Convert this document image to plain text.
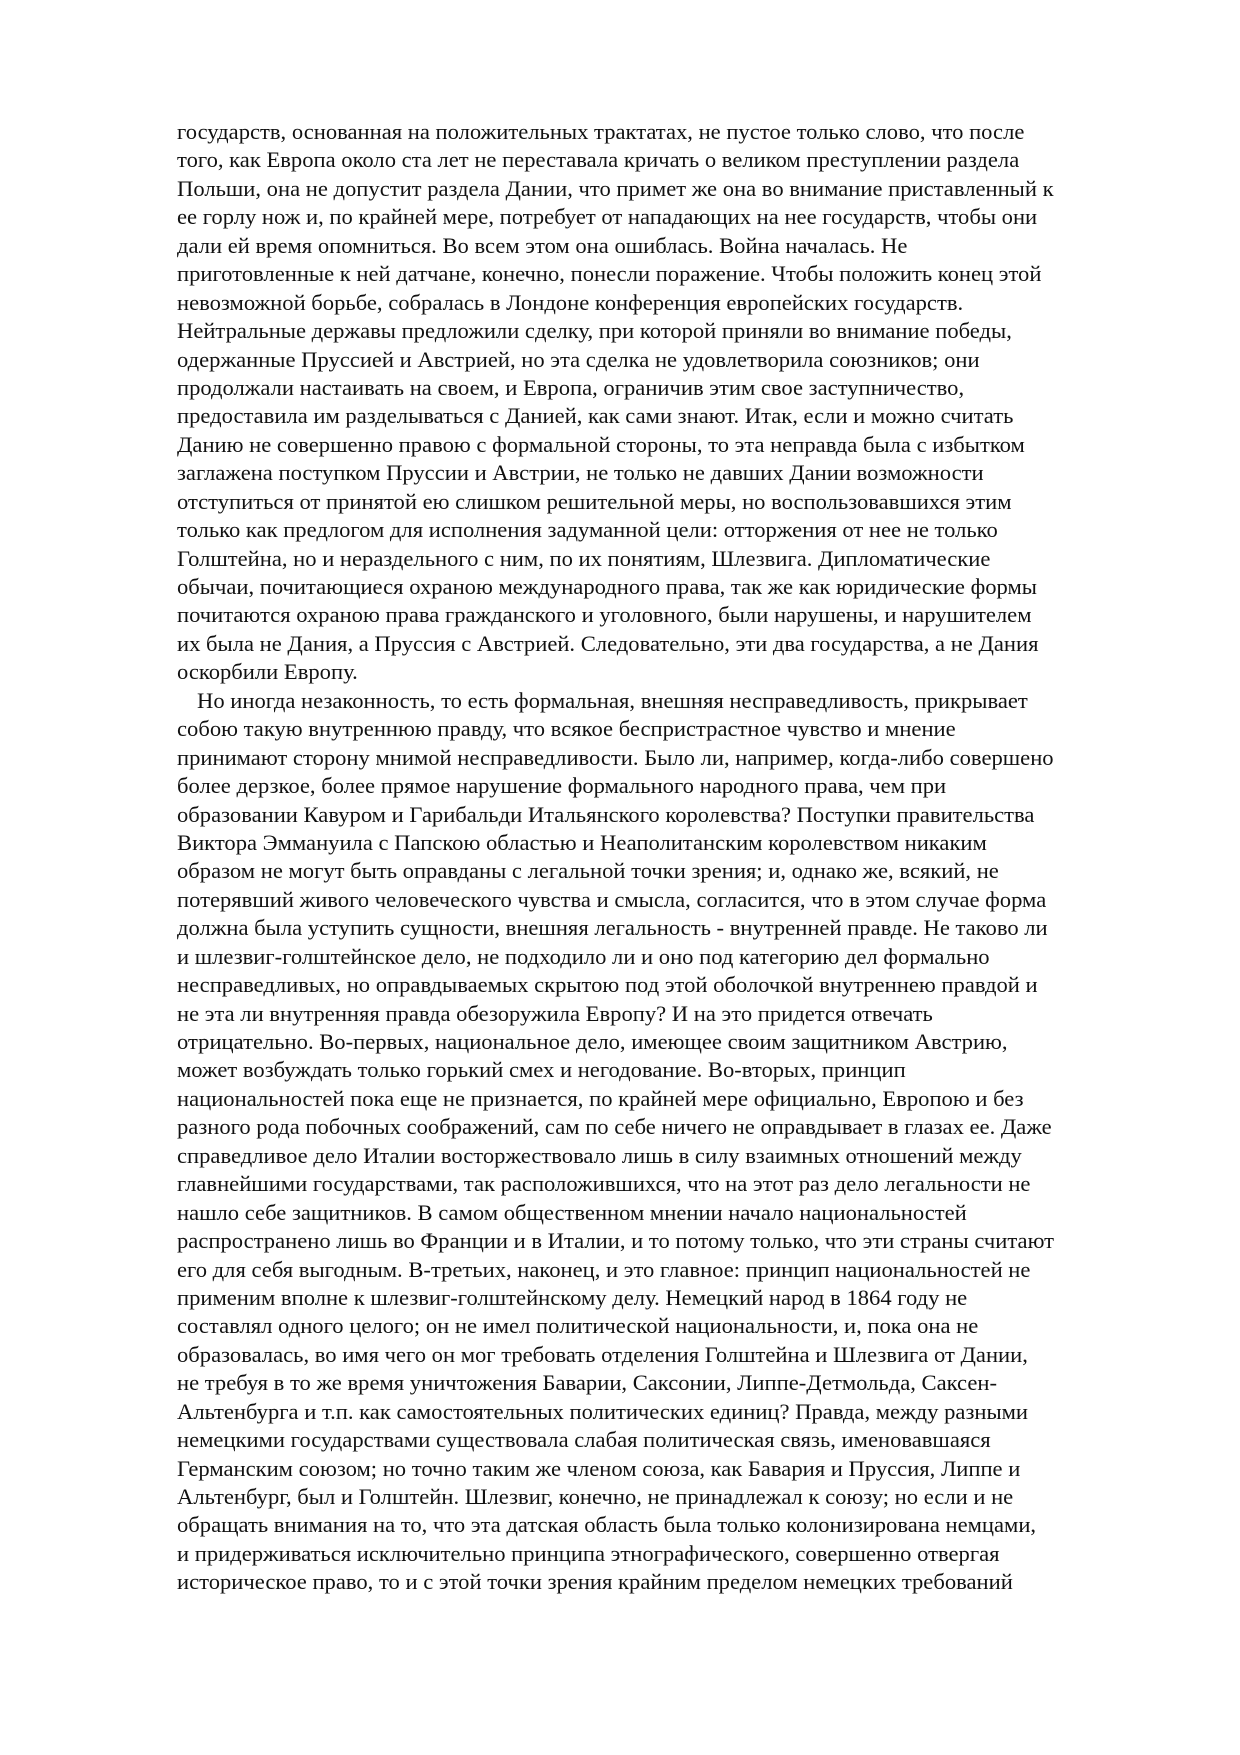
государств, основанная на положительных трактатах, не пустое только слово, что после
того, как Европа около ста лет не переставала кричать о великом преступлении раздела
Польши, она не допустит раздела Дании, что примет же она во внимание приставленный к
ее горлу нож и, по крайней мере, потребует от нападающих на нее государств, чтобы они
дали ей время опомниться. Во всем этом она ошиблась. Война началась. Не
приготовленные к ней датчане, конечно, понесли поражение. Чтобы положить конец этой
невозможной борьбе, собралась в Лондоне конференция европейских государств.
Нейтральные державы предложили сделку, при которой приняли во внимание победы,
одержанные Пруссией и Австрией, но эта сделка не удовлетворила союзников; они
продолжали настаивать на своем, и Европа, ограничив этим свое заступничество,
предоставила им разделываться с Данией, как сами знают. Итак, если и можно считать
Данию не совершенно правою с формальной стороны, то эта неправда была с избытком
заглажена поступком Пруссии и Австрии, не только не давших Дании возможности
отступиться от принятой ею слишком решительной меры, но воспользовавшихся этим
только как предлогом для исполнения задуманной цели: отторжения от нее не только
Голштейна, но и нераздельного с ним, по их понятиям, Шлезвига. Дипломатические
обычаи, почитающиеся охраною международного права, так же как юридические формы
почитаются охраною права гражданского и уголовного, были нарушены, и нарушителем
их была не Дания, а Пруссия с Австрией. Следовательно, эти два государства, а не Дания
оскорбили Европу.
Но иногда незаконность, то есть формальная, внешняя несправедливость, прикрывает
собою такую внутреннюю правду, что всякое беспристрастное чувство и мнение
принимают сторону мнимой несправедливости. Было ли, например, когда-либо совершено
более дерзкое, более прямое нарушение формального народного права, чем при
образовании Кавуром и Гарибальди Итальянского королевства? Поступки правительства
Виктора Эммануила с Папскою областью и Неаполитанским королевством никаким
образом не могут быть оправданы с легальной точки зрения; и, однако же, всякий, не
потерявший живого человеческого чувства и смысла, согласится, что в этом случае форма
должна была уступить сущности, внешняя легальность - внутренней правде. Не таково ли
и шлезвиг-голштейнское дело, не подходило ли и оно под категорию дел формально
несправедливых, но оправдываемых скрытою под этой оболочкой внутреннею правдой и
не эта ли внутренняя правда обезоружила Европу? И на это придется отвечать
отрицательно. Во-первых, национальное дело, имеющее своим защитником Австрию,
может возбуждать только горький смех и негодование. Во-вторых, принцип
национальностей пока еще не признается, по крайней мере официально, Европою и без
разного рода побочных соображений, сам по себе ничего не оправдывает в глазах ее. Даже
справедливое дело Италии восторжествовало лишь в силу взаимных отношений между
главнейшими государствами, так расположившихся, что на этот раз дело легальности не
нашло себе защитников. В самом общественном мнении начало национальностей
распространено лишь во Франции и в Италии, и то потому только, что эти страны считают
его для себя выгодным. В-третьих, наконец, и это главное: принцип национальностей не
применим вполне к шлезвиг-голштейнскому делу. Немецкий народ в 1864 году не
составлял одного целого; он не имел политической национальности, и, пока она не
образовалась, во имя чего он мог требовать отделения Голштейна и Шлезвига от Дании,
не требуя в то же время уничтожения Баварии, Саксонии, Липпе-Детмольда, Саксен-
Альтенбурга и т.п. как самостоятельных политических единиц? Правда, между разными
немецкими государствами существовала слабая политическая связь, именовавшаяся
Германским союзом; но точно таким же членом союза, как Бавария и Пруссия, Липпе и
Альтенбург, был и Голштейн. Шлезвиг, конечно, не принадлежал к союзу; но если и не
обращать внимания на то, что эта датская область была только колонизирована немцами,
и придерживаться исключительно принципа этнографического, совершенно отвергая
историческое право, то и с этой точки зрения крайним пределом немецких требований
